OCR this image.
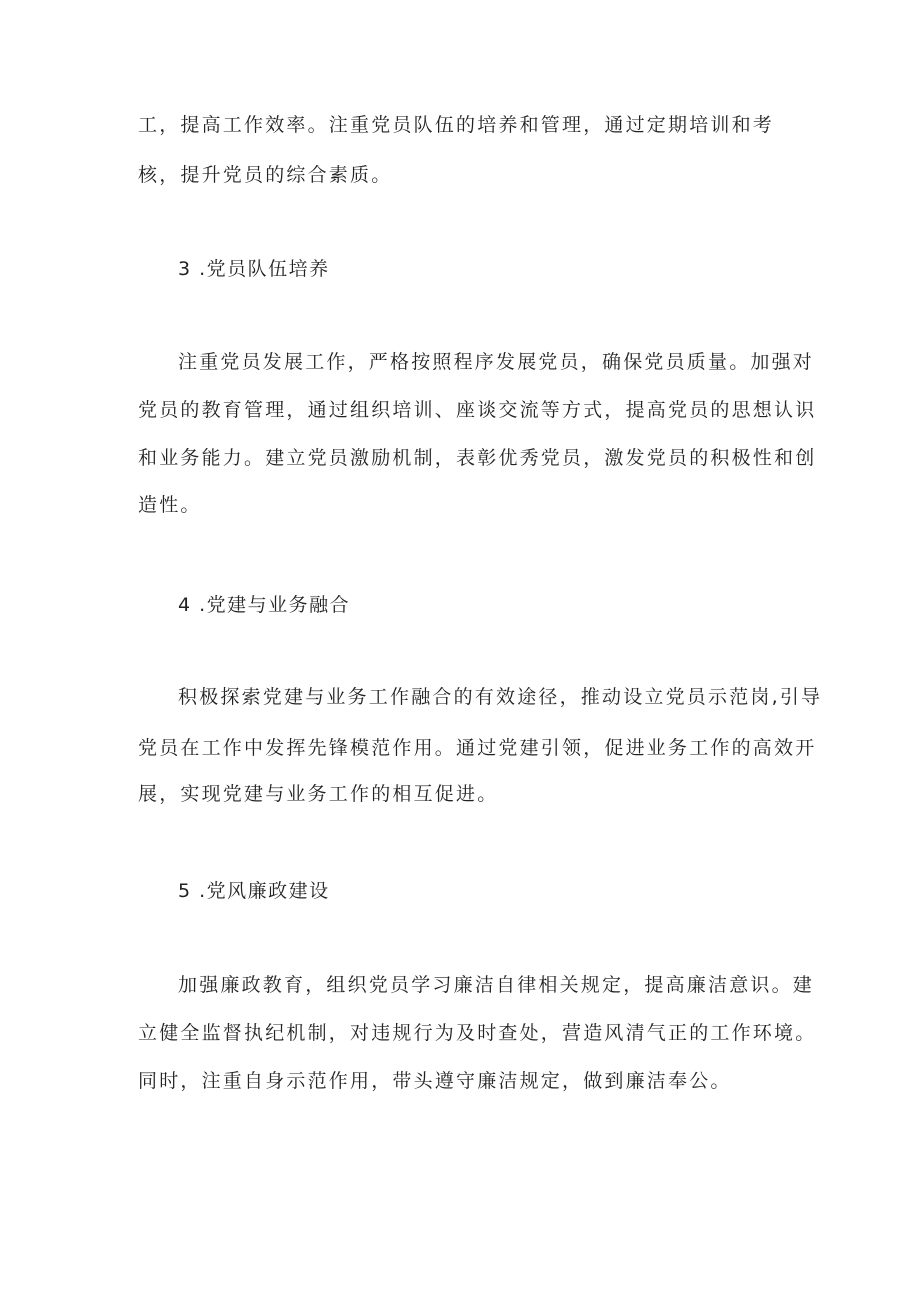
工，提高工作效率。注重党员队伍的培养和管理，通过定期培训和考
核，提升党员的综合素质。
3 .党员队伍培养
注重党员发展工作，严格按照程序发展党员，确保党员质量。加强对
党员的教育管理，通过组织培训、座谈交流等方式，提高党员的思想认识
和业务能力。建立党员激励机制，表彰优秀党员，激发党员的积极性和创
造性。
4 .党建与业务融合
积极探索党建与业务工作融合的有效途径，推动设立党员示范岗,引导
党员在工作中发挥先锋模范作用。通过党建引领，促进业务工作的高效开
展，实现党建与业务工作的相互促进。
5 .党风廉政建设
加强廉政教育，组织党员学习廉洁自律相关规定，提高廉洁意识。建
立健全监督执纪机制，对违规行为及时查处，营造风清气正的工作环境。
同时，注重自身示范作用，带头遵守廉洁规定，做到廉洁奉公。
